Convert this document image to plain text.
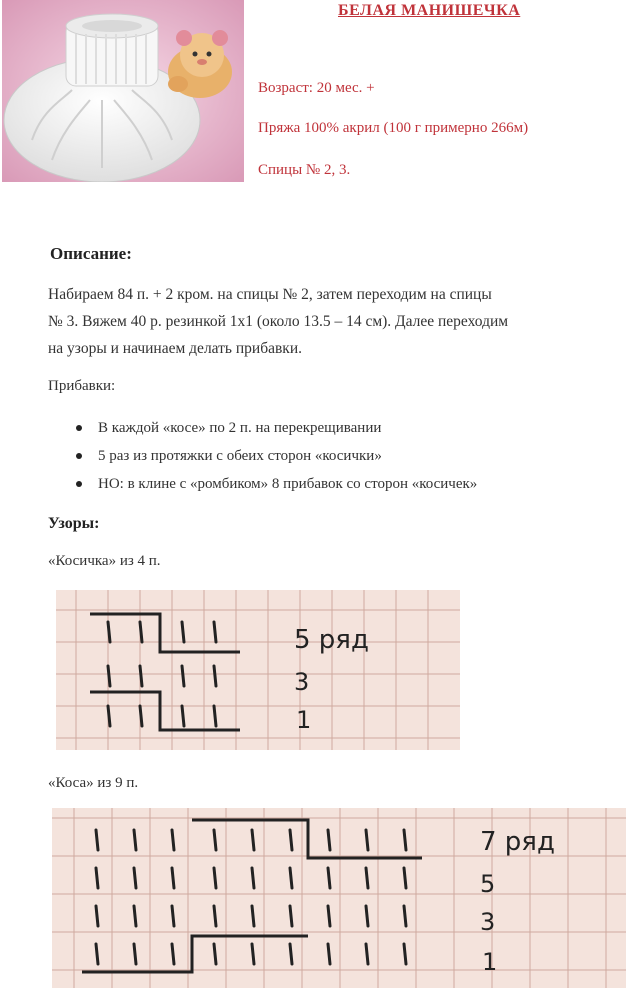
БЕЛАЯ МАНИШЕЧКА

Возраст: 20 мес. +

Пряжа 100% акрил (100 г примерно 266м)

Спицы № 2, 3.

Описание:

Набираем 84 п. + 2 кром. на спицы № 2, затем переходим на спицы

№ 3. Вяжем 40 р. резинкой 1х1 (около 13.5 – 14 см). Далее переходим

на узоры и начинаем делать прибавки.

Прибавки:

В каждой «косе» по 2 п. на перекрещивании
5 раз из протяжки с обеих сторон «косички»
НО: в клине с «ромбиком» 8 прибавок со сторон «косичек»
Узоры:

«Косичка» из 4 п.

5 ряд
3
1

«Коса» из 9 п.

7 ряд
5
3
1
